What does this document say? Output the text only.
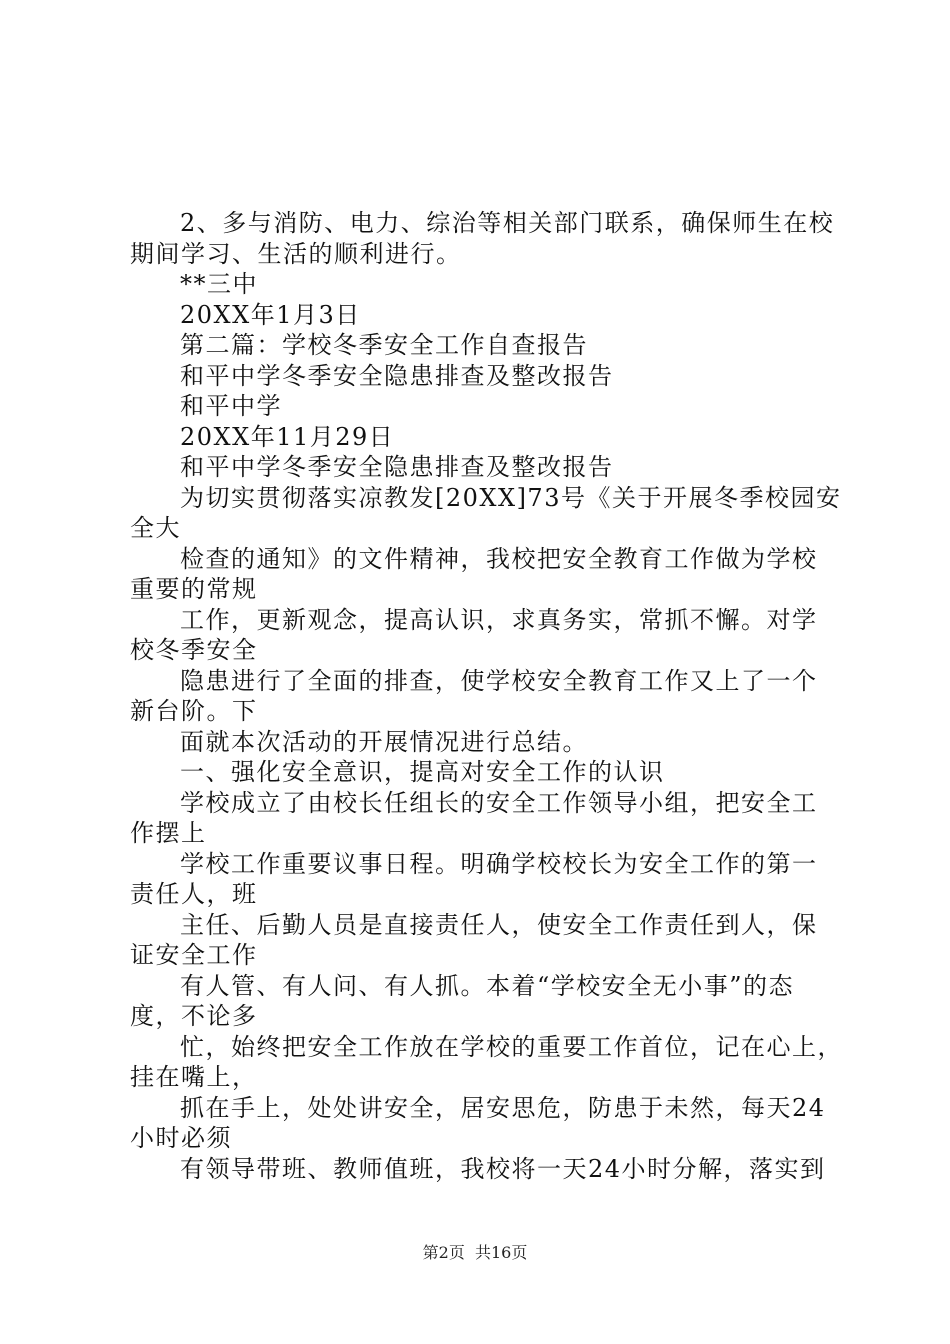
2、多与消防、电力、综治等相关部门联系，确保师生在校
期间学习、生活的顺利进行。
**三中
20XX年1月3日
第二篇：学校冬季安全工作自查报告
和平中学冬季安全隐患排查及整改报告
和平中学
20XX年11月29日
和平中学冬季安全隐患排查及整改报告
为切实贯彻落实凉教发[20XX]73号《关于开展冬季校园安
全大
检查的通知》的文件精神，我校把安全教育工作做为学校
重要的常规
工作，更新观念，提高认识，求真务实，常抓不懈。对学
校冬季安全
隐患进行了全面的排查，使学校安全教育工作又上了一个
新台阶。下
面就本次活动的开展情况进行总结。
一、强化安全意识，提高对安全工作的认识
学校成立了由校长任组长的安全工作领导小组，把安全工
作摆上
学校工作重要议事日程。明确学校校长为安全工作的第一
责任人，班
主任、后勤人员是直接责任人，使安全工作责任到人，保
证安全工作
有人管、有人问、有人抓。本着“学校安全无小事”的态
度，不论多
忙，始终把安全工作放在学校的重要工作首位，记在心上，
挂在嘴上，
抓在手上，处处讲安全，居安思危，防患于未然，每天24
小时必须
有领导带班、教师值班，我校将一天24小时分解，落实到
第2页  共16页
